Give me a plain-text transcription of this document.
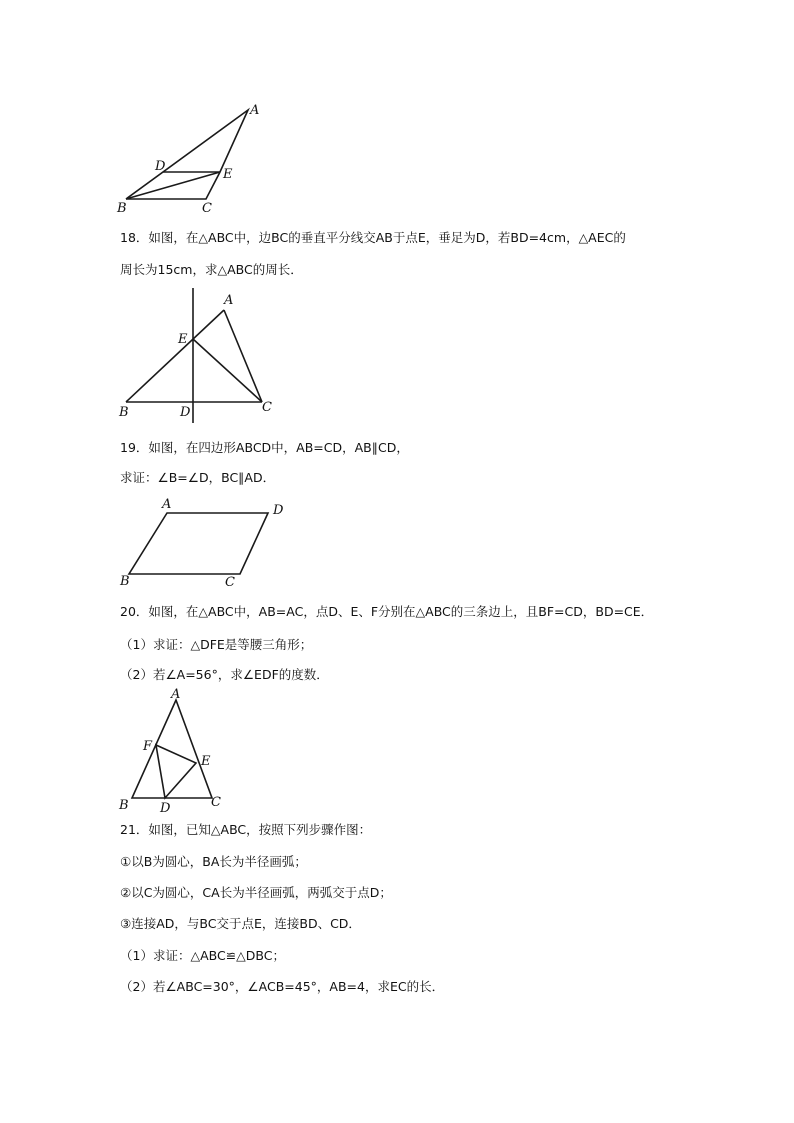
A
D
E
B	C
18．如图，在△ABC中，边BC的垂直平分线交AB于点E，垂足为D，若BD=4cm，△AEC的
周长为15cm，求△ABC的周长．
A
E
B	D	C
19．如图，在四边形ABCD中，AB=CD，AB∥CD，
求证：∠B=∠D，BC∥AD．
A	D
B	C
20．如图，在△ABC中，AB=AC，点D、E、F分别在△ABC的三条边上，且BF=CD，BD=CE．
（1）求证：△DFE是等腰三角形；
（2）若∠A=56°，求∠EDF的度数．
A
F
E
B D	C
21．如图，已知△ABC，按照下列步骤作图：
①以B为圆心，BA长为半径画弧；
②以C为圆心，CA长为半径画弧，两弧交于点D；
③连接AD，与BC交于点E，连接BD、CD．
（1）求证：△ABC≌△DBC；
（2）若∠ABC=30°，∠ACB=45°，AB=4，求EC的长．
